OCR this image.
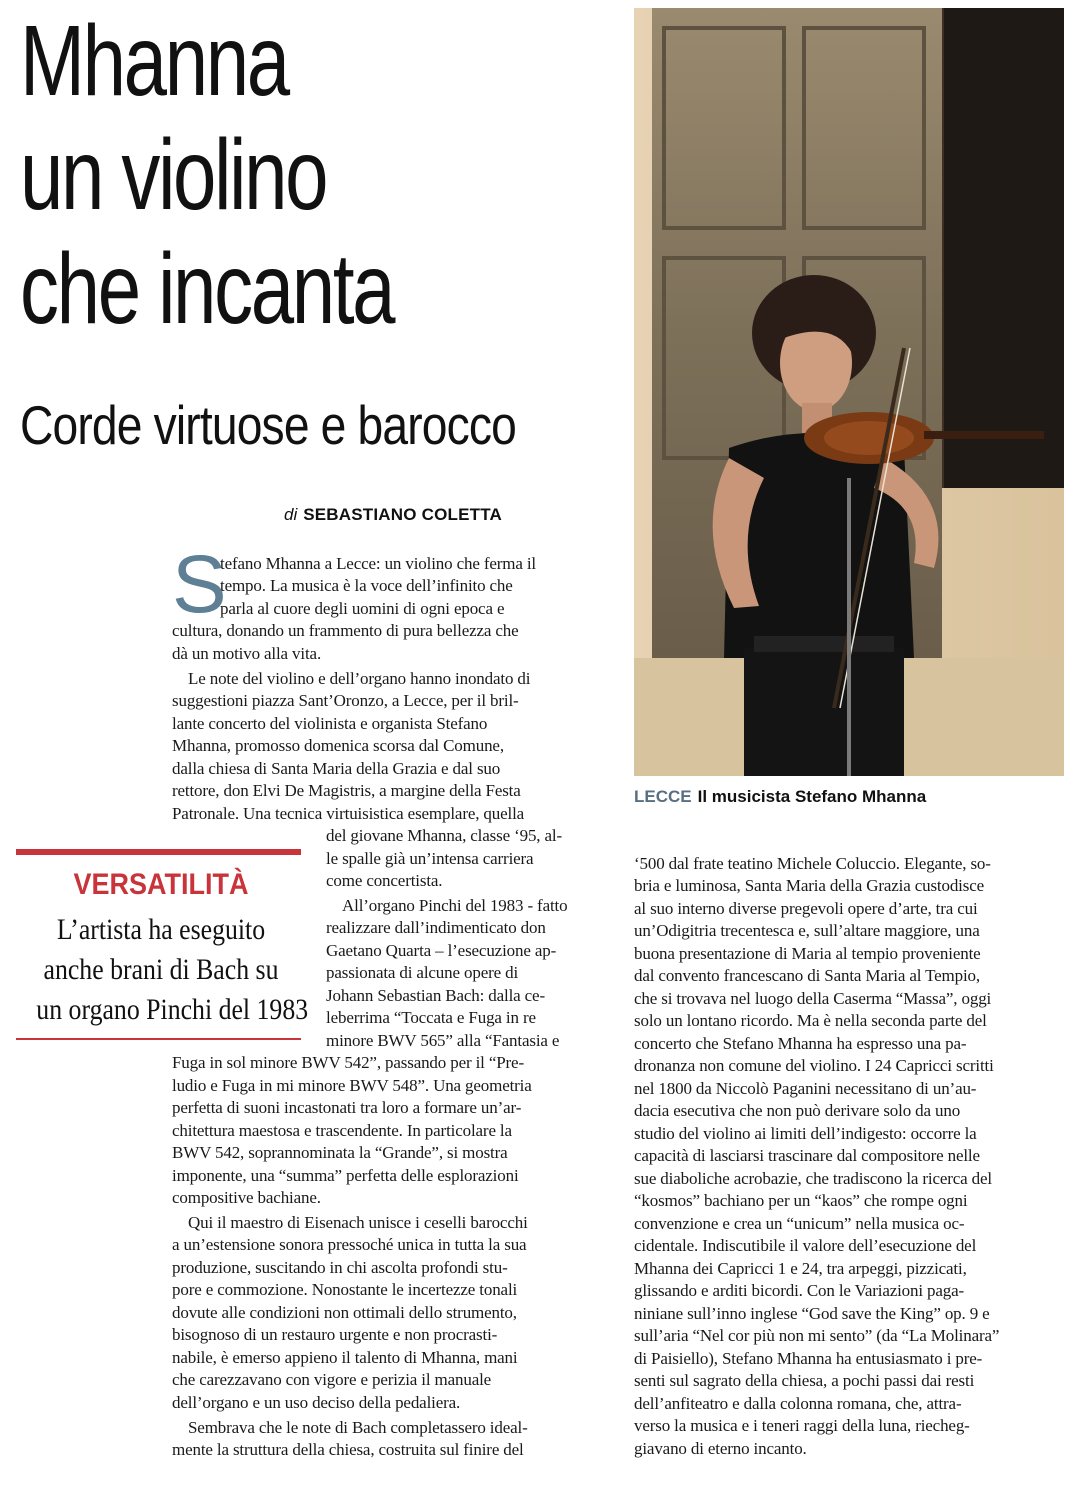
Mhanna
un violino
che incanta
Corde virtuose e barocco
LECCE Il musicista Stefano Mhanna
di SEBASTIANO COLETTA
S
VERSATILITÀ
L’artista ha eseguito
anche brani di Bach su
un organo Pinchi del 1983
tefano Mhanna a Lecce: un violino che ferma il
tempo. La musica è la voce dell’infinito che
parla al cuore degli uomini di ogni epoca e
cultura, donando un frammento di pura bellezza che
dà un motivo alla vita.
Le note del violino e dell’organo hanno inondato di
suggestioni piazza Sant’Oronzo, a Lecce, per il bril-
lante concerto del violinista e organista Stefano
Mhanna, promosso domenica scorsa dal Comune,
dalla chiesa di Santa Maria della Grazia e dal suo
rettore, don Elvi De Magistris, a margine della Festa
Patronale. Una tecnica virtuisistica esemplare, quella
del giovane Mhanna, classe ‘95, al-
le spalle già un’intensa carriera
come concertista.
All’organo Pinchi del 1983 - fatto
realizzare dall’indimenticato don
Gaetano Quarta – l’esecuzione ap-
passionata di alcune opere di
Johann Sebastian Bach: dalla ce-
leberrima “Toccata e Fuga in re
minore BWV 565” alla “Fantasia e
Fuga in sol minore BWV 542”, passando per il “Pre-
ludio e Fuga in mi minore BWV 548”. Una geometria
perfetta di suoni incastonati tra loro a formare un’ar-
chitettura maestosa e trascendente. In particolare la
BWV 542, soprannominata la “Grande”, si mostra
imponente, una “summa” perfetta delle esplorazioni
compositive bachiane.
Qui il maestro di Eisenach unisce i ceselli barocchi
a un’estensione sonora pressoché unica in tutta la sua
produzione, suscitando in chi ascolta profondi stu-
pore e commozione. Nonostante le incertezze tonali
dovute alle condizioni non ottimali dello strumento,
bisognoso di un restauro urgente e non procrasti-
nabile, è emerso appieno il talento di Mhanna, mani
che carezzavano con vigore e perizia il manuale
dell’organo e un uso deciso della pedaliera.
Sembrava che le note di Bach completassero ideal-
mente la struttura della chiesa, costruita sul finire del
‘500 dal frate teatino Michele Coluccio. Elegante, so-
bria e luminosa, Santa Maria della Grazia custodisce
al suo interno diverse pregevoli opere d’arte, tra cui
un’Odigitria trecentesca e, sull’altare maggiore, una
buona presentazione di Maria al tempio proveniente
dal convento francescano di Santa Maria al Tempio,
che si trovava nel luogo della Caserma “Massa”, oggi
solo un lontano ricordo. Ma è nella seconda parte del
concerto che Stefano Mhanna ha espresso una pa-
dronanza non comune del violino. I 24 Capricci scritti
nel 1800 da Niccolò Paganini necessitano di un’au-
dacia esecutiva che non può derivare solo da uno
studio del violino ai limiti dell’indigesto: occorre la
capacità di lasciarsi trascinare dal compositore nelle
sue diaboliche acrobazie, che tradiscono la ricerca del
“kosmos” bachiano per un “kaos” che rompe ogni
convenzione e crea un “unicum” nella musica oc-
cidentale. Indiscutibile il valore dell’esecuzione del
Mhanna dei Capricci 1 e 24, tra arpeggi, pizzicati,
glissando e arditi bicordi. Con le Variazioni paga-
niniane sull’inno inglese “God save the King” op. 9 e
sull’aria “Nel cor più non mi sento” (da “La Molinara”
di Paisiello), Stefano Mhanna ha entusiasmato i pre-
senti sul sagrato della chiesa, a pochi passi dai resti
dell’anfiteatro e dalla colonna romana, che, attra-
verso la musica e i teneri raggi della luna, riecheg-
giavano di eterno incanto.
